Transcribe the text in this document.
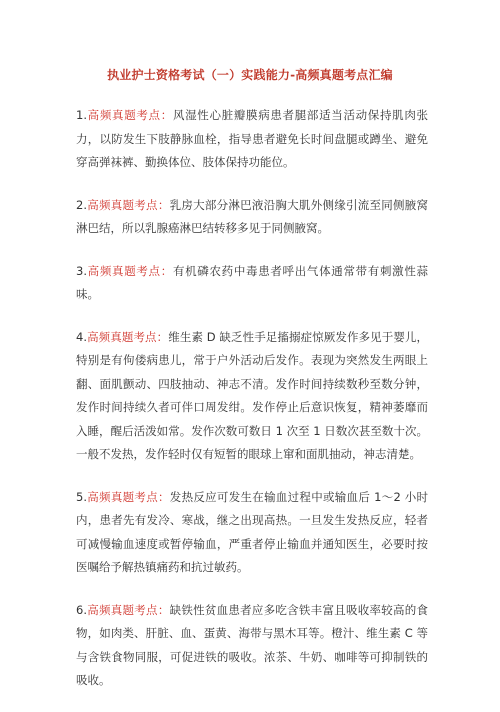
执业护士资格考试（一）实践能力-高频真题考点汇编

1.高频真题考点：风湿性心脏瓣膜病患者腿部适当活动保持肌肉张力，以防发生下肢静脉血栓，指导患者避免长时间盘腿或蹲坐、避免穿高弹袜裤、勤换体位、肢体保持功能位。

2.高频真题考点：乳房大部分淋巴液沿胸大肌外侧缘引流至同侧腋窝淋巴结，所以乳腺癌淋巴结转移多见于同侧腋窝。

3.高频真题考点：有机磷农药中毒患者呼出气体通常带有刺激性蒜味。

4.高频真题考点：维生素 D 缺乏性手足搐搦症惊厥发作多见于婴儿，特别是有佝偻病患儿，常于户外活动后发作。表现为突然发生两眼上翻、面肌颤动、四肢抽动、神志不清。发作时间持续数秒至数分钟，发作时间持续久者可伴口周发绀。发作停止后意识恢复，精神萎靡而入睡，醒后活泼如常。发作次数可数日 1 次至 1 日数次甚至数十次。一般不发热，发作轻时仅有短暂的眼球上窜和面肌抽动，神志清楚。

5.高频真题考点：发热反应可发生在输血过程中或输血后 1～2 小时内，患者先有发冷、寒战，继之出现高热。一旦发生发热反应，轻者可减慢输血速度或暂停输血，严重者停止输血并通知医生，必要时按医嘱给予解热镇痛药和抗过敏药。

6.高频真题考点：缺铁性贫血患者应多吃含铁丰富且吸收率较高的食物，如肉类、肝脏、血、蛋黄、海带与黑木耳等。橙汁、维生素 C 等与含铁食物同服，可促进铁的吸收。浓茶、牛奶、咖啡等可抑制铁的吸收。
